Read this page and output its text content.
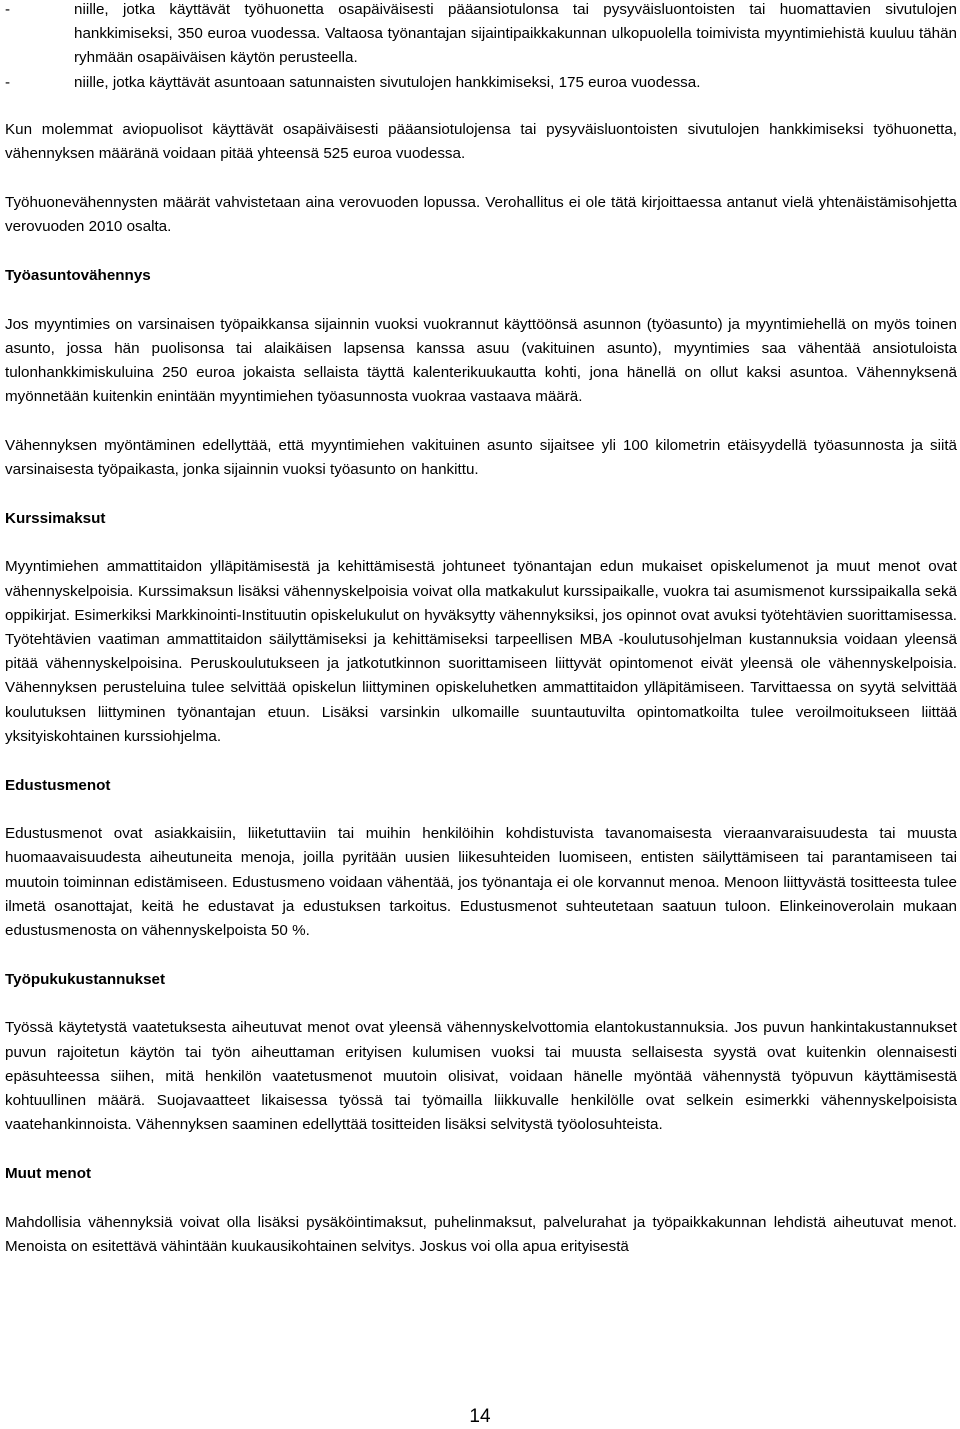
-	niille, jotka käyttävät työhuonetta osapäiväisesti pääansiotulonsa tai pysyväisluontoisten tai huomattavien sivutulojen hankkimiseksi, 350 euroa vuodessa. Valtaosa työnantajan sijaintipaikkakunnan ulkopuolella toimivista myyntimiehistä kuuluu tähän ryhmään osapäiväisen käytön perusteella.
-	niille, jotka käyttävät asuntoaan satunnaisten sivutulojen hankkimiseksi, 175 euroa vuodessa.

Kun molemmat aviopuolisot käyttävät osapäiväisesti pääansiotulojensa tai pysyväisluontoisten sivutulojen hankkimiseksi työhuonetta, vähennyksen määränä voidaan pitää yhteensä 525 euroa vuodessa.

Työhuonevähennysten määrät vahvistetaan aina verovuoden lopussa. Verohallitus ei ole tätä kirjoittaessa antanut vielä yhtenäistämisohjetta verovuoden 2010 osalta.

Työasuntovähennys

Jos myyntimies on varsinaisen työpaikkansa sijainnin vuoksi vuokrannut käyttöönsä asunnon (työasunto) ja myyntimiehellä on myös toinen asunto, jossa hän puolisonsa tai alaikäisen lapsensa kanssa asuu (vakituinen asunto), myyntimies saa vähentää ansiotuloista tulonhankkimiskuluina 250 euroa jokaista sellaista täyttä kalenterikuukautta kohti, jona hänellä on ollut kaksi asuntoa. Vähennyksenä myönnetään kuitenkin enintään myyntimiehen työasunnosta vuokraa vastaava määrä.

Vähennyksen myöntäminen edellyttää, että myyntimiehen vakituinen asunto sijaitsee yli 100 kilometrin etäisyydellä työasunnosta ja siitä varsinaisesta työpaikasta, jonka sijainnin vuoksi työasunto on hankittu.

Kurssimaksut

Myyntimiehen ammattitaidon ylläpitämisestä ja kehittämisestä johtuneet työnantajan edun mukaiset opiskelumenot ja muut menot ovat vähennyskelpoisia. Kurssimaksun lisäksi vähennyskelpoisia voivat olla matkakulut kurssipaikalle, vuokra tai asumismenot kurssipaikalla sekä oppikirjat. Esimerkiksi Markkinointi-Instituutin opiskelukulut on hyväksytty vähennyksiksi, jos opinnot ovat avuksi työtehtävien suorittamisessa. Työtehtävien vaatiman ammattitaidon säilyttämiseksi ja kehittämiseksi tarpeellisen MBA -koulutusohjelman kustannuksia voidaan yleensä pitää vähennyskelpoisina. Peruskoulutukseen ja jatkotutkinnon suorittamiseen liittyvät opintomenot eivät yleensä ole vähennyskelpoisia. Vähennyksen perusteluina tulee selvittää opiskelun liittyminen opiskeluhetken ammattitaidon ylläpitämiseen. Tarvittaessa on syytä selvittää koulutuksen liittyminen työnantajan etuun. Lisäksi varsinkin ulkomaille suuntautuvilta opintomatkoilta tulee veroilmoitukseen liittää yksityiskohtainen kurssiohjelma.

Edustusmenot

Edustusmenot ovat asiakkaisiin, liiketuttaviin tai muihin henkilöihin kohdistuvista tavanomaisesta vieraanvaraisuudesta tai muusta huomaavaisuudesta aiheutuneita menoja, joilla pyritään uusien liikesuhteiden luomiseen, entisten säilyttämiseen tai parantamiseen tai muutoin toiminnan edistämiseen. Edustusmeno voidaan vähentää, jos työnantaja ei ole korvannut menoa. Menoon liittyvästä tositteesta tulee ilmetä osanottajat, keitä he edustavat ja edustuksen tarkoitus. Edustusmenot suhteutetaan saatuun tuloon. Elinkeinoverolain mukaan edustusmenosta on vähennyskelpoista 50 %.

Työpukukustannukset

Työssä käytetystä vaatetuksesta aiheutuvat menot ovat yleensä vähennyskelvottomia elantokustannuksia. Jos puvun hankintakustannukset puvun rajoitetun käytön tai työn aiheuttaman erityisen kulumisen vuoksi tai muusta sellaisesta syystä ovat kuitenkin olennaisesti epäsuhteessa siihen, mitä henkilön vaatetusmenot muutoin olisivat, voidaan hänelle myöntää vähennystä työpuvun käyttämisestä kohtuullinen määrä. Suojavaatteet likaisessa työssä tai työmailla liikkuvalle henkilölle ovat selkein esimerkki vähennyskelpoisista vaatehankinnoista. Vähennyksen saaminen edellyttää tositteiden lisäksi selvitystä työolosuhteista.

Muut menot

Mahdollisia vähennyksiä voivat olla lisäksi pysäköintimaksut, puhelinmaksut, palvelurahat ja työpaikkakunnan lehdistä aiheutuvat menot. Menoista on esitettävä vähintään kuukausikohtainen selvitys. Joskus voi olla apua erityisestä

14
